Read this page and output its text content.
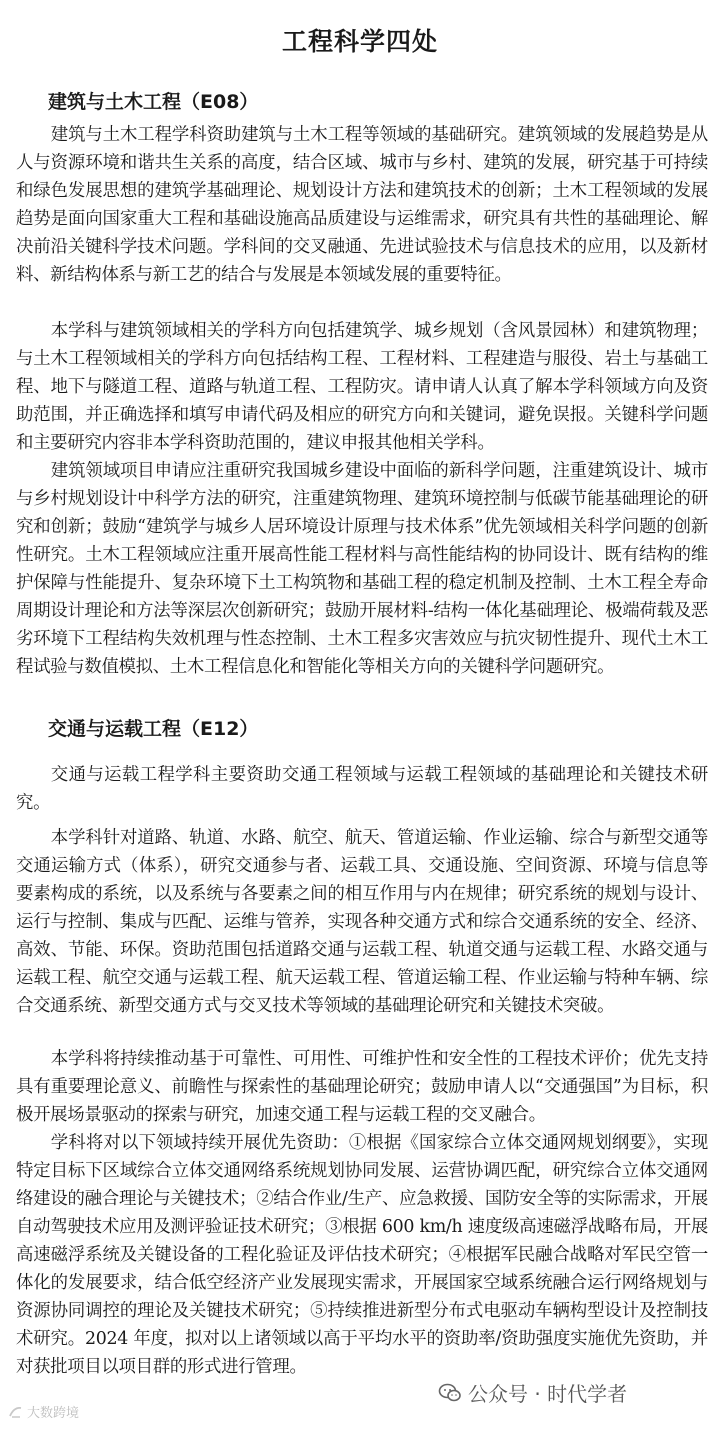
工程科学四处
建筑与土木工程（E08）

建筑与土木工程学科资助建筑与土木工程等领域的基础研究。建筑领域的发展趋势是从人与资源环境和谐共生关系的高度，结合区域、城市与乡村、建筑的发展，研究基于可持续和绿色发展思想的建筑学基础理论、规划设计方法和建筑技术的创新；土木工程领域的发展趋势是面向国家重大工程和基础设施高品质建设与运维需求，研究具有共性的基础理论、解决前沿关键科学技术问题。学科间的交叉融通、先进试验技术与信息技术的应用，以及新材料、新结构体系与新工艺的结合与发展是本领域发展的重要特征。

本学科与建筑领域相关的学科方向包括建筑学、城乡规划（含风景园林）和建筑物理；与土木工程领域相关的学科方向包括结构工程、工程材料、工程建造与服役、岩土与基础工程、地下与隧道工程、道路与轨道工程、工程防灾。请申请人认真了解本学科领域方向及资助范围，并正确选择和填写申请代码及相应的研究方向和关键词，避免误报。关键科学问题和主要研究内容非本学科资助范围的，建议申报其他相关学科。

建筑领域项目申请应注重研究我国城乡建设中面临的新科学问题，注重建筑设计、城市与乡村规划设计中科学方法的研究，注重建筑物理、建筑环境控制与低碳节能基础理论的研究和创新；鼓励“建筑学与城乡人居环境设计原理与技术体系”优先领域相关科学问题的创新性研究。土木工程领域应注重开展高性能工程材料与高性能结构的协同设计、既有结构的维护保障与性能提升、复杂环境下土工构筑物和基础工程的稳定机制及控制、土木工程全寿命周期设计理论和方法等深层次创新研究；鼓励开展材料-结构一体化基础理论、极端荷载及恶劣环境下工程结构失效机理与性态控制、土木工程多灾害效应与抗灾韧性提升、现代土木工程试验与数值模拟、土木工程信息化和智能化等相关方向的关键科学问题研究。

交通与运载工程（E12）

交通与运载工程学科主要资助交通工程领域与运载工程领域的基础理论和关键技术研究。

本学科针对道路、轨道、水路、航空、航天、管道运输、作业运输、综合与新型交通等交通运输方式（体系），研究交通参与者、运载工具、交通设施、空间资源、环境与信息等要素构成的系统，以及系统与各要素之间的相互作用与内在规律；研究系统的规划与设计、运行与控制、集成与匹配、运维与管养，实现各种交通方式和综合交通系统的安全、经济、高效、节能、环保。资助范围包括道路交通与运载工程、轨道交通与运载工程、水路交通与运载工程、航空交通与运载工程、航天运载工程、管道运输工程、作业运输与特种车辆、综合交通系统、新型交通方式与交叉技术等领域的基础理论研究和关键技术突破。

本学科将持续推动基于可靠性、可用性、可维护性和安全性的工程技术评价；优先支持具有重要理论意义、前瞻性与探索性的基础理论研究；鼓励申请人以“交通强国”为目标，积极开展场景驱动的探索与研究，加速交通工程与运载工程的交叉融合。

学科将对以下领域持续开展优先资助：①根据《国家综合立体交通网规划纲要》，实现特定目标下区域综合立体交通网络系统规划协同发展、运营协调匹配，研究综合立体交通网络建设的融合理论与关键技术；②结合作业/生产、应急救援、国防安全等的实际需求，开展自动驾驶技术应用及测评验证技术研究；③根据 600 km/h 速度级高速磁浮战略布局，开展高速磁浮系统及关键设备的工程化验证及评估技术研究；④根据军民融合战略对军民空管一体化的发展要求，结合低空经济产业发展现实需求，开展国家空域系统融合运行网络规划与资源协同调控的理论及关键技术研究；⑤持续推进新型分布式电驱动车辆构型设计及控制技术研究。2024 年度，拟对以上诸领域以高于平均水平的资助率/资助强度实施优先资助，并对获批项目以项目群的形式进行管理。

公众号 · 时代学者
大数跨境
